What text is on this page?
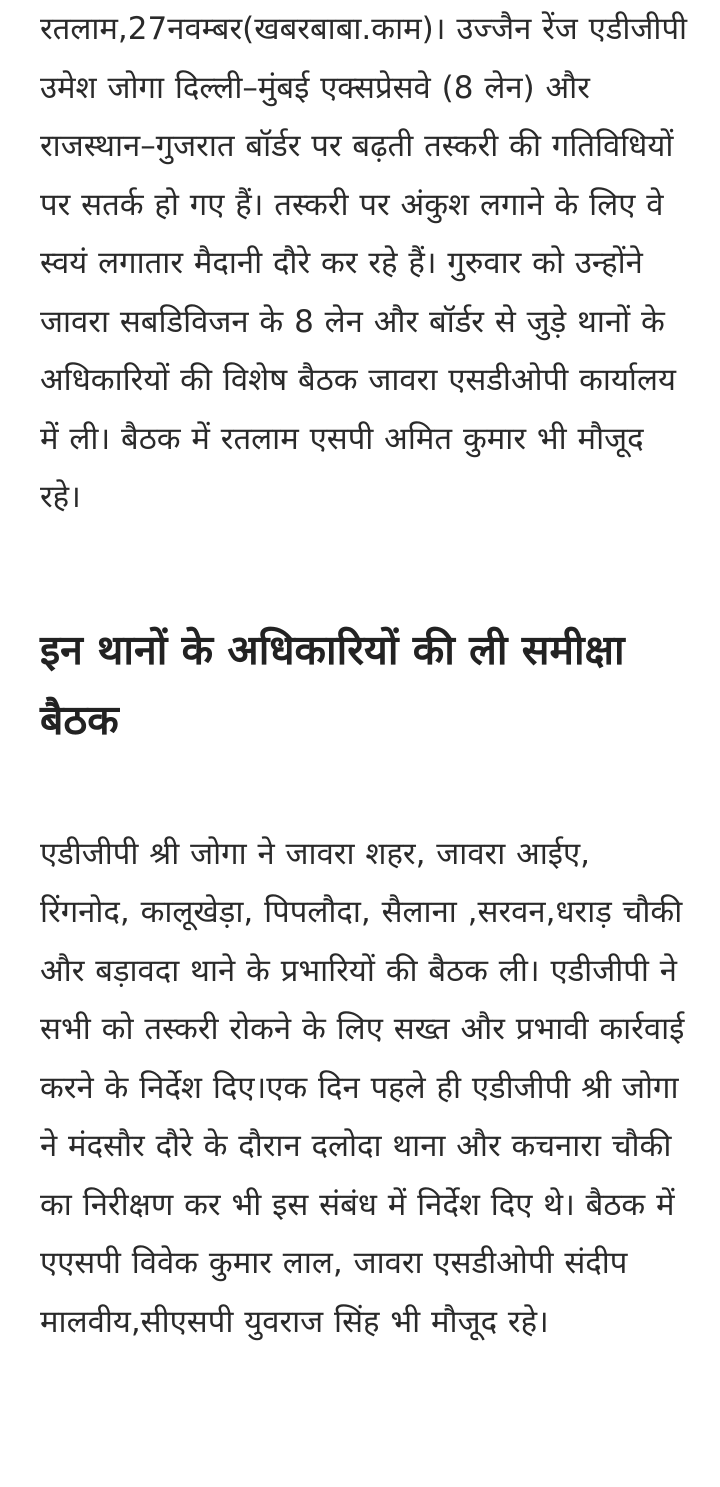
रतलाम,27नवम्बर(खबरबाबा.काम)। उज्जैन रेंज एडीजीपी उमेश जोगा दिल्ली–मुंबई एक्सप्रेसवे (8 लेन) और राजस्थान–गुजरात बॉर्डर पर बढ़ती तस्करी की गतिविधियों पर सतर्क हो गए हैं। तस्करी पर अंकुश लगाने के लिए वे स्वयं लगातार मैदानी दौरे कर रहे हैं। गुरुवार को उन्होंने जावरा सबडिविजन के 8 लेन और बॉर्डर से जुड़े थानों के अधिकारियों की विशेष बैठक जावरा एसडीओपी कार्यालय में ली। बैठक में रतलाम एसपी अमित कुमार भी मौजूद रहे।

इन थानों के अधिकारियों की ली समीक्षा बैठक

एडीजीपी श्री जोगा ने जावरा शहर, जावरा आईए, रिंगनोद, कालूखेड़ा, पिपलौदा, सैलाना ,सरवन,धराड़ चौकी और बड़ावदा थाने के प्रभारियों की बैठक ली। एडीजीपी ने सभी को तस्करी रोकने के लिए सख्त और प्रभावी कार्रवाई करने के निर्देश दिए।एक दिन पहले ही एडीजीपी श्री जोगा ने मंदसौर दौरे के दौरान दलोदा थाना और कचनारा चौकी का निरीक्षण कर भी इस संबंध में निर्देश दिए थे। बैठक में एएसपी विवेक कुमार लाल, जावरा एसडीओपी संदीप मालवीय,सीएसपी युवराज सिंह भी मौजूद रहे।
